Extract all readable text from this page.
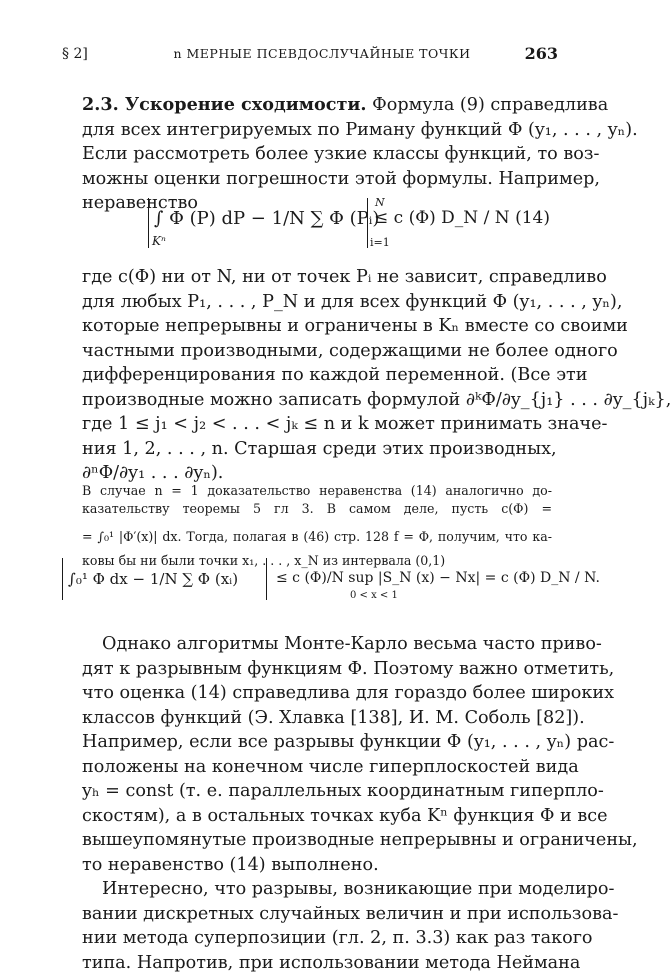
§ 2]	n МЕРНЫЕ ПСЕВДОСЛУЧАЙНЫЕ ТОЧКИ	263
2.3. Ускорение сходимости. Формула (9) справедлива
для всех интегрируемых по Риману функций Φ (y₁, . . . , yₙ).
Если рассмотреть более узкие классы функций, то воз-
можны оценки погрешности этой формулы. Например,
неравенство
∫ Φ (P) dP − 1/N ∑ Φ (Pᵢ)
Kⁿ
N
i=1
≤ c (Φ) D_N / N (14)
где c(Φ) ни от N, ни от точек Pᵢ не зависит, справедливо
для любых P₁, . . . , P_N и для всех функций Φ (y₁, . . . , yₙ),
которые непрерывны и ограничены в Kₙ вместе со своими
частными производными, содержащими не более одного
дифференцирования по каждой переменной. (Все эти
производные можно записать формулой ∂ᵏΦ/∂y_{j₁} . . . ∂y_{jₖ},
где 1 ≤ j₁ < j₂ < . . . < jₖ ≤ n и k может принимать значе-
ния 1, 2, . . . , n. Старшая среди этих производных,
∂ⁿΦ/∂y₁ . . . ∂yₙ).
В случае n = 1 доказательство неравенства (14) аналогично до-
казательству теоремы 5 гл 3. В самом деле, пусть c(Φ) =
= ∫₀¹ |Φ′(x)| dx. Тогда, полагая в (46) стр. 128 f = Φ, получим, что ка-
ковы бы ни были точки x₁, . . . , x_N из интервала (0,1)
∫₀¹ Φ dx − 1/N ∑ Φ (xᵢ)	≤ c (Φ)/N sup |S_N (x) − Nx| = c (Φ) D_N / N.
0 < x < 1
Однако алгоритмы Монте-Карло весьма часто приво-
дят к разрывным функциям Φ. Поэтому важно отметить,
что оценка (14) справедлива для гораздо более широких
классов функций (Э. Хлавка [138], И. М. Соболь [82]).
Например, если все разрывы функции Φ (y₁, . . . , yₙ) рас-
положены на конечном числе гиперплоскостей вида
yₕ = const (т. е. параллельных координатным гиперпло-
скостям), а в остальных точках куба Kⁿ функция Φ и все
вышеупомянутые производные непрерывны и ограничены,
то неравенство (14) выполнено.
Интересно, что разрывы, возникающие при моделиро-
вании дискретных случайных величин и при использова-
нии метода суперпозиции (гл. 2, п. 3.3) как раз такого
типа. Напротив, при использовании метода Неймана
